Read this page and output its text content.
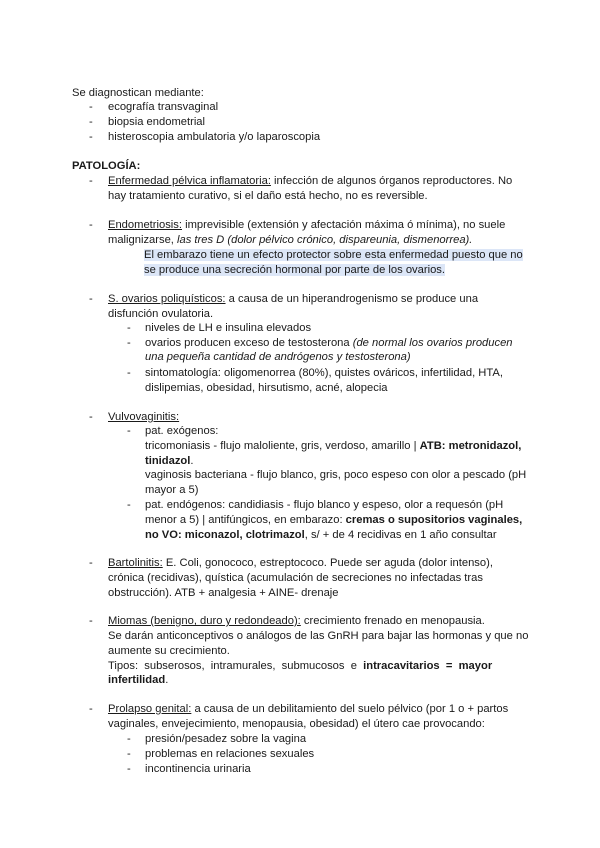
Se diagnostican mediante:
- ecografía transvaginal
- biopsia endometrial
- histeroscopia ambulatoria y/o laparoscopia
PATOLOGÍA:
- Enfermedad pélvica inflamatoria: infección de algunos órganos reproductores. No
hay tratamiento curativo, si el daño está hecho, no es reversible.
- Endometriosis: imprevisible (extensión y afectación máxima ó mínima), no suele
malignizarse, las tres D (dolor pélvico crónico, dispareunia, dismenorrea).
El embarazo tiene un efecto protector sobre esta enfermedad puesto que no
se produce una secreción hormonal por parte de los ovarios.
- S. ovarios poliquísticos: a causa de un hiperandrogenismo se produce una
disfunción ovulatoria.
- niveles de LH e insulina elevados
- ovarios producen exceso de testosterona (de normal los ovarios producen
una pequeña cantidad de andrógenos y testosterona)
- sintomatología: oligomenorrea (80%), quistes ováricos, infertilidad, HTA,
dislipemias, obesidad, hirsutismo, acné, alopecia
- Vulvovaginitis:
- pat. exógenos:
tricomoniasis - flujo maloliente, gris, verdoso, amarillo | ATB: metronidazol,
tinidazol.
vaginosis bacteriana - flujo blanco, gris, poco espeso con olor a pescado (pH
mayor a 5)
- pat. endógenos: candidiasis - flujo blanco y espeso, olor a requesón (pH
menor a 5) | antifúngicos, en embarazo: cremas o supositorios vaginales,
no VO: miconazol, clotrimazol, s/ + de 4 recidivas en 1 año consultar
- Bartolinitis: E. Coli, gonococo, estreptococo. Puede ser aguda (dolor intenso),
crónica (recidivas), quística (acumulación de secreciones no infectadas tras
obstrucción). ATB + analgesia + AINE- drenaje
- Miomas (benigno, duro y redondeado): crecimiento frenado en menopausia.
Se darán anticonceptivos o análogos de las GnRH para bajar las hormonas y que no
aumente su crecimiento.
Tipos:  subserosos,  intramurales,  submucosos  e  intracavitarios  =  mayor
infertilidad.
- Prolapso genital: a causa de un debilitamiento del suelo pélvico (por 1 o + partos
vaginales, envejecimiento, menopausia, obesidad) el útero cae provocando:
- presión/pesadez sobre la vagina
- problemas en relaciones sexuales
- incontinencia urinaria
